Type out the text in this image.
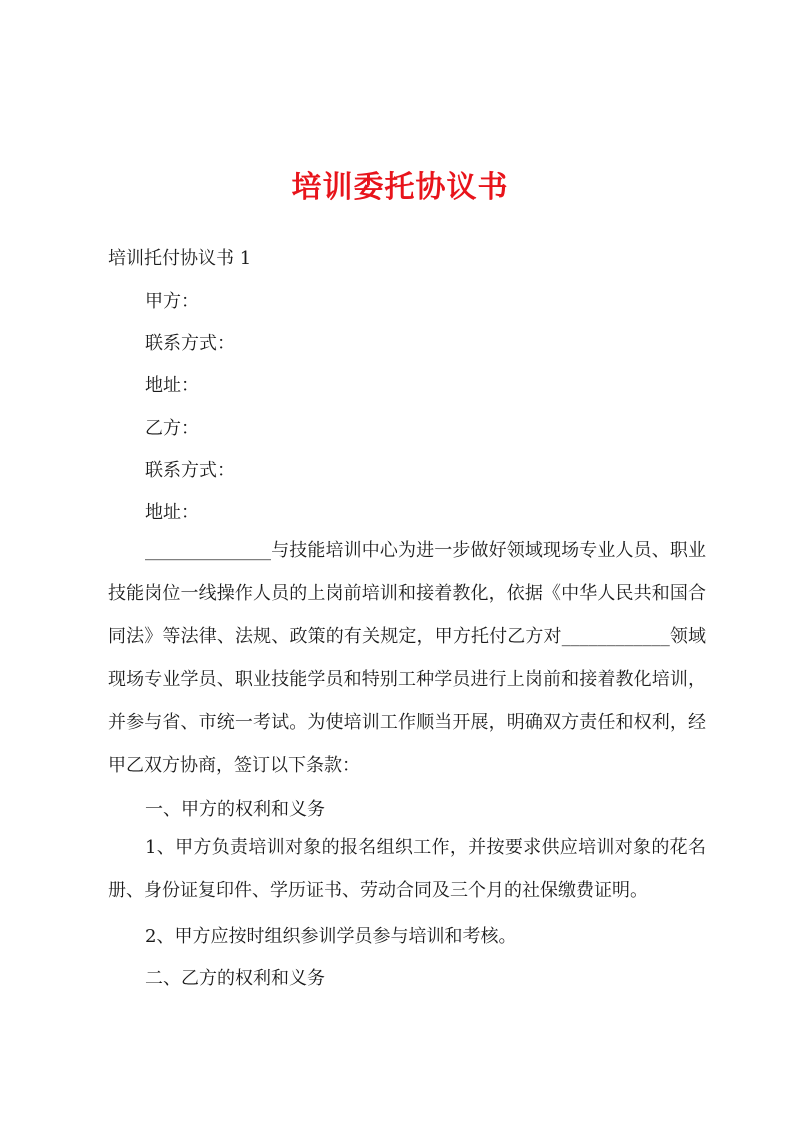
培训委托协议书
培训托付协议书 1
甲方：
联系方式：
地址：
乙方：
联系方式：
地址：
______________与技能培训中心为进一步做好领域现场专业人员、职业技能岗位一线操作人员的上岗前培训和接着教化，依据《中华人民共和国合同法》等法律、法规、政策的有关规定，甲方托付乙方对____________领域现场专业学员、职业技能学员和特别工种学员进行上岗前和接着教化培训，并参与省、市统一考试。为使培训工作顺当开展，明确双方责任和权利，经甲乙双方协商，签订以下条款：
一、甲方的权利和义务
1、甲方负责培训对象的报名组织工作，并按要求供应培训对象的花名册、身份证复印件、学历证书、劳动合同及三个月的社保缴费证明。
2、甲方应按时组织参训学员参与培训和考核。
二、乙方的权利和义务
